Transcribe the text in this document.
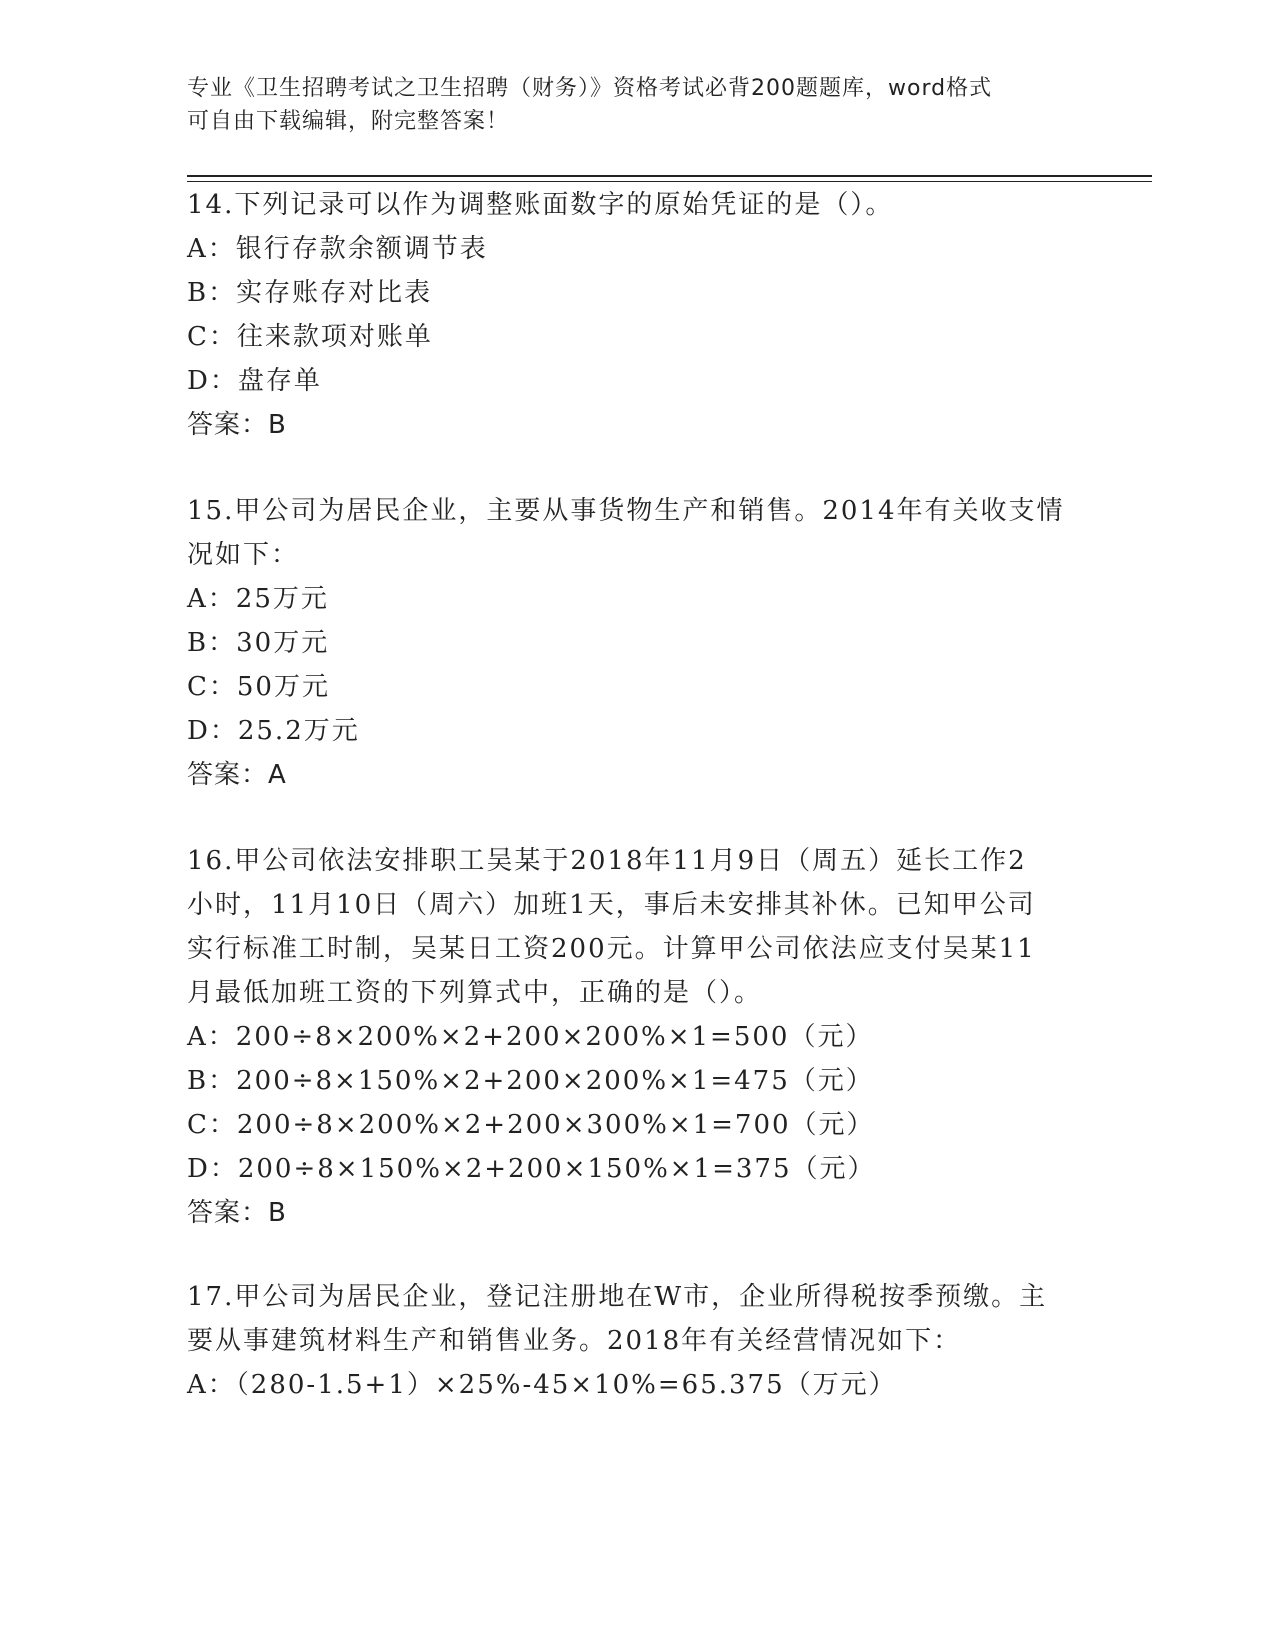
专业《卫生招聘考试之卫生招聘（财务）》资格考试必背200题题库，word格式
可自由下载编辑，附完整答案！
14.下列记录可以作为调整账面数字的原始凭证的是（）。
A：银行存款余额调节表
B：实存账存对比表
C：往来款项对账单
D：盘存单
答案：B
15.甲公司为居民企业，主要从事货物生产和销售。2014年有关收支情
况如下：
A：25万元
B：30万元
C：50万元
D：25.2万元
答案：A
16.甲公司依法安排职工吴某于2018年11月9日（周五）延长工作2
小时，11月10日（周六）加班1天，事后未安排其补休。已知甲公司
实行标准工时制，吴某日工资200元。计算甲公司依法应支付吴某11
月最低加班工资的下列算式中，正确的是（）。
A：200÷8×200%×2+200×200%×1=500（元）
B：200÷8×150%×2+200×200%×1=475（元）
C：200÷8×200%×2+200×300%×1=700（元）
D：200÷8×150%×2+200×150%×1=375（元）
答案：B
17.甲公司为居民企业，登记注册地在W市，企业所得税按季预缴。主
要从事建筑材料生产和销售业务。2018年有关经营情况如下：
A：（280-1.5+1）×25%-45×10%=65.375（万元）
